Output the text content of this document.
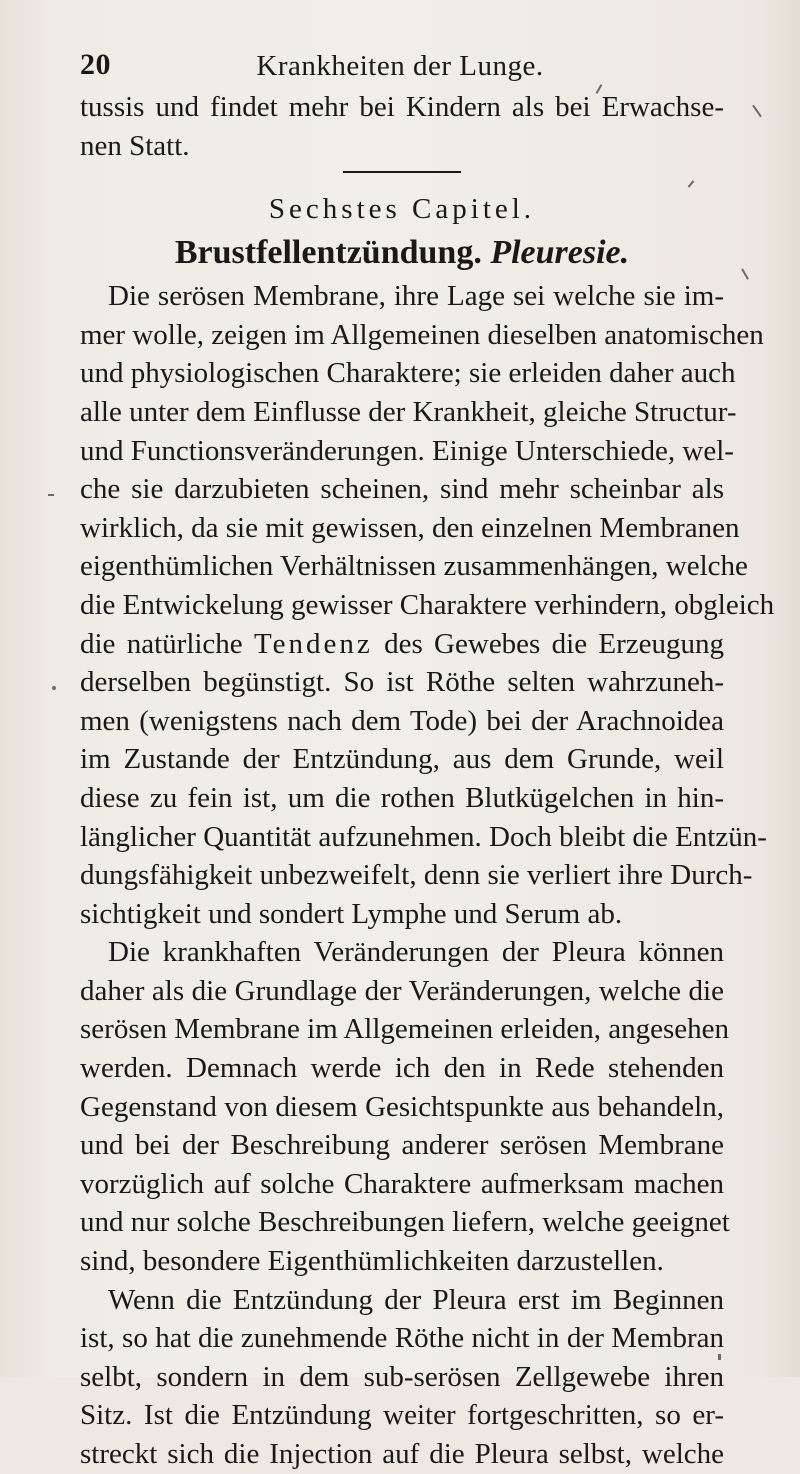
20	Krankheiten der Lunge.
tussis und findet mehr bei Kindern als bei Erwachse-
nen Statt.
Sechstes Capitel.
Brustfellentzündung. Pleuresie.
Die serösen Membrane, ihre Lage sei welche sie im-
mer wolle, zeigen im Allgemeinen dieselben anatomischen
und physiologischen Charaktere; sie erleiden daher auch
alle unter dem Einflusse der Krankheit, gleiche Structur-
und Functionsveränderungen. Einige Unterschiede, wel-
che sie darzubieten scheinen, sind mehr scheinbar als
wirklich, da sie mit gewissen, den einzelnen Membranen
eigenthümlichen Verhältnissen zusammenhängen, welche
die Entwickelung gewisser Charaktere verhindern, obgleich
die natürliche Tendenz des Gewebes die Erzeugung
derselben begünstigt. So ist Röthe selten wahrzuneh-
men (wenigstens nach dem Tode) bei der Arachnoidea
im Zustande der Entzündung, aus dem Grunde, weil
diese zu fein ist, um die rothen Blutkügelchen in hin-
länglicher Quantität aufzunehmen. Doch bleibt die Entzün-
dungsfähigkeit unbezweifelt, denn sie verliert ihre Durch-
sichtigkeit und sondert Lymphe und Serum ab.
Die krankhaften Veränderungen der Pleura können
daher als die Grundlage der Veränderungen, welche die
serösen Membrane im Allgemeinen erleiden, angesehen
werden. Demnach werde ich den in Rede stehenden
Gegenstand von diesem Gesichtspunkte aus behandeln,
und bei der Beschreibung anderer serösen Membrane
vorzüglich auf solche Charaktere aufmerksam machen
und nur solche Beschreibungen liefern, welche geeignet
sind, besondere Eigenthümlichkeiten darzustellen.
Wenn die Entzündung der Pleura erst im Beginnen
ist, so hat die zunehmende Röthe nicht in der Membran
selbt, sondern in dem sub-serösen Zellgewebe ihren
Sitz. Ist die Entzündung weiter fortgeschritten, so er-
streckt sich die Injection auf die Pleura selbst, welche
